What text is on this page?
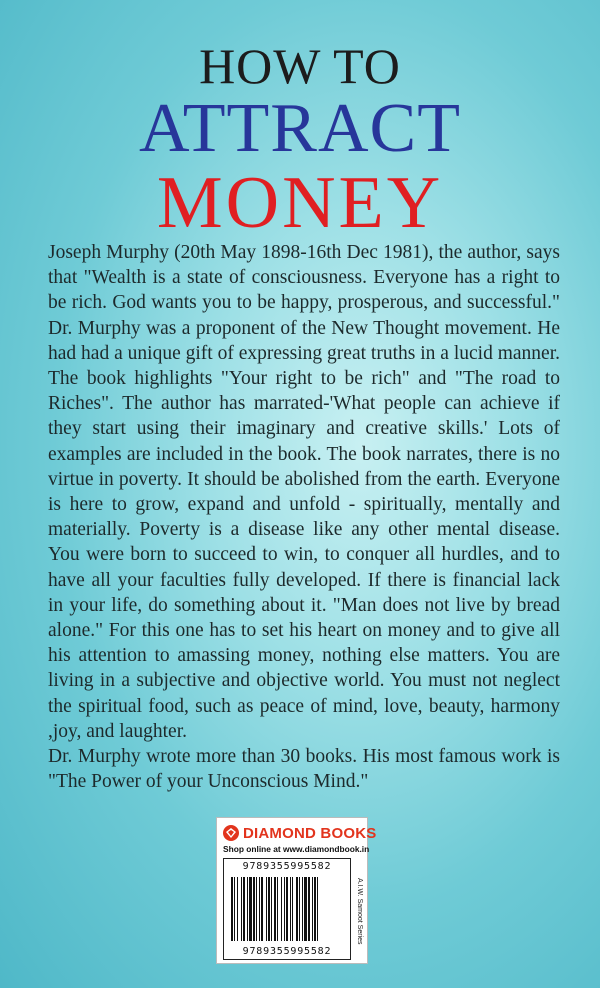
HOW TO
ATTRACT
MONEY

Joseph Murphy (20th May 1898-16th Dec 1981), the author, says that "Wealth is a state of consciousness. Everyone has a right to be rich. God wants you to be happy, prosperous, and successful." Dr. Murphy was a proponent of the New Thought movement. He had had a unique gift of expressing great truths in a lucid manner. The book highlights "Your right to be rich" and "The road to Riches". The author has marrated-'What people can achieve if they start using their imaginary and creative skills.' Lots of examples are included in the book. The book narrates, there is no virtue in poverty. It should be abolished from the earth. Everyone is here to grow, expand and unfold - spiritually, mentally and materially. Poverty is a disease like any other mental disease. You were born to succeed to win, to conquer all hurdles, and to have all your faculties fully developed. If there is financial lack in your life, do something about it. "Man does not live by bread alone." For this one has to set his heart on money and to give all his attention to amassing money, nothing else matters. You are living in a subjective and objective world. You must not neglect the spiritual food, such as peace of mind, love, beauty, harmony ,joy, and laughter.

Dr. Murphy wrote more than 30 books. His most famous work is "The Power of your Unconscious Mind."

DIAMOND BOOKS
Shop online at www.diamondbook.in
9789355995582
9789355995582
A.I.W. Samoot Series
